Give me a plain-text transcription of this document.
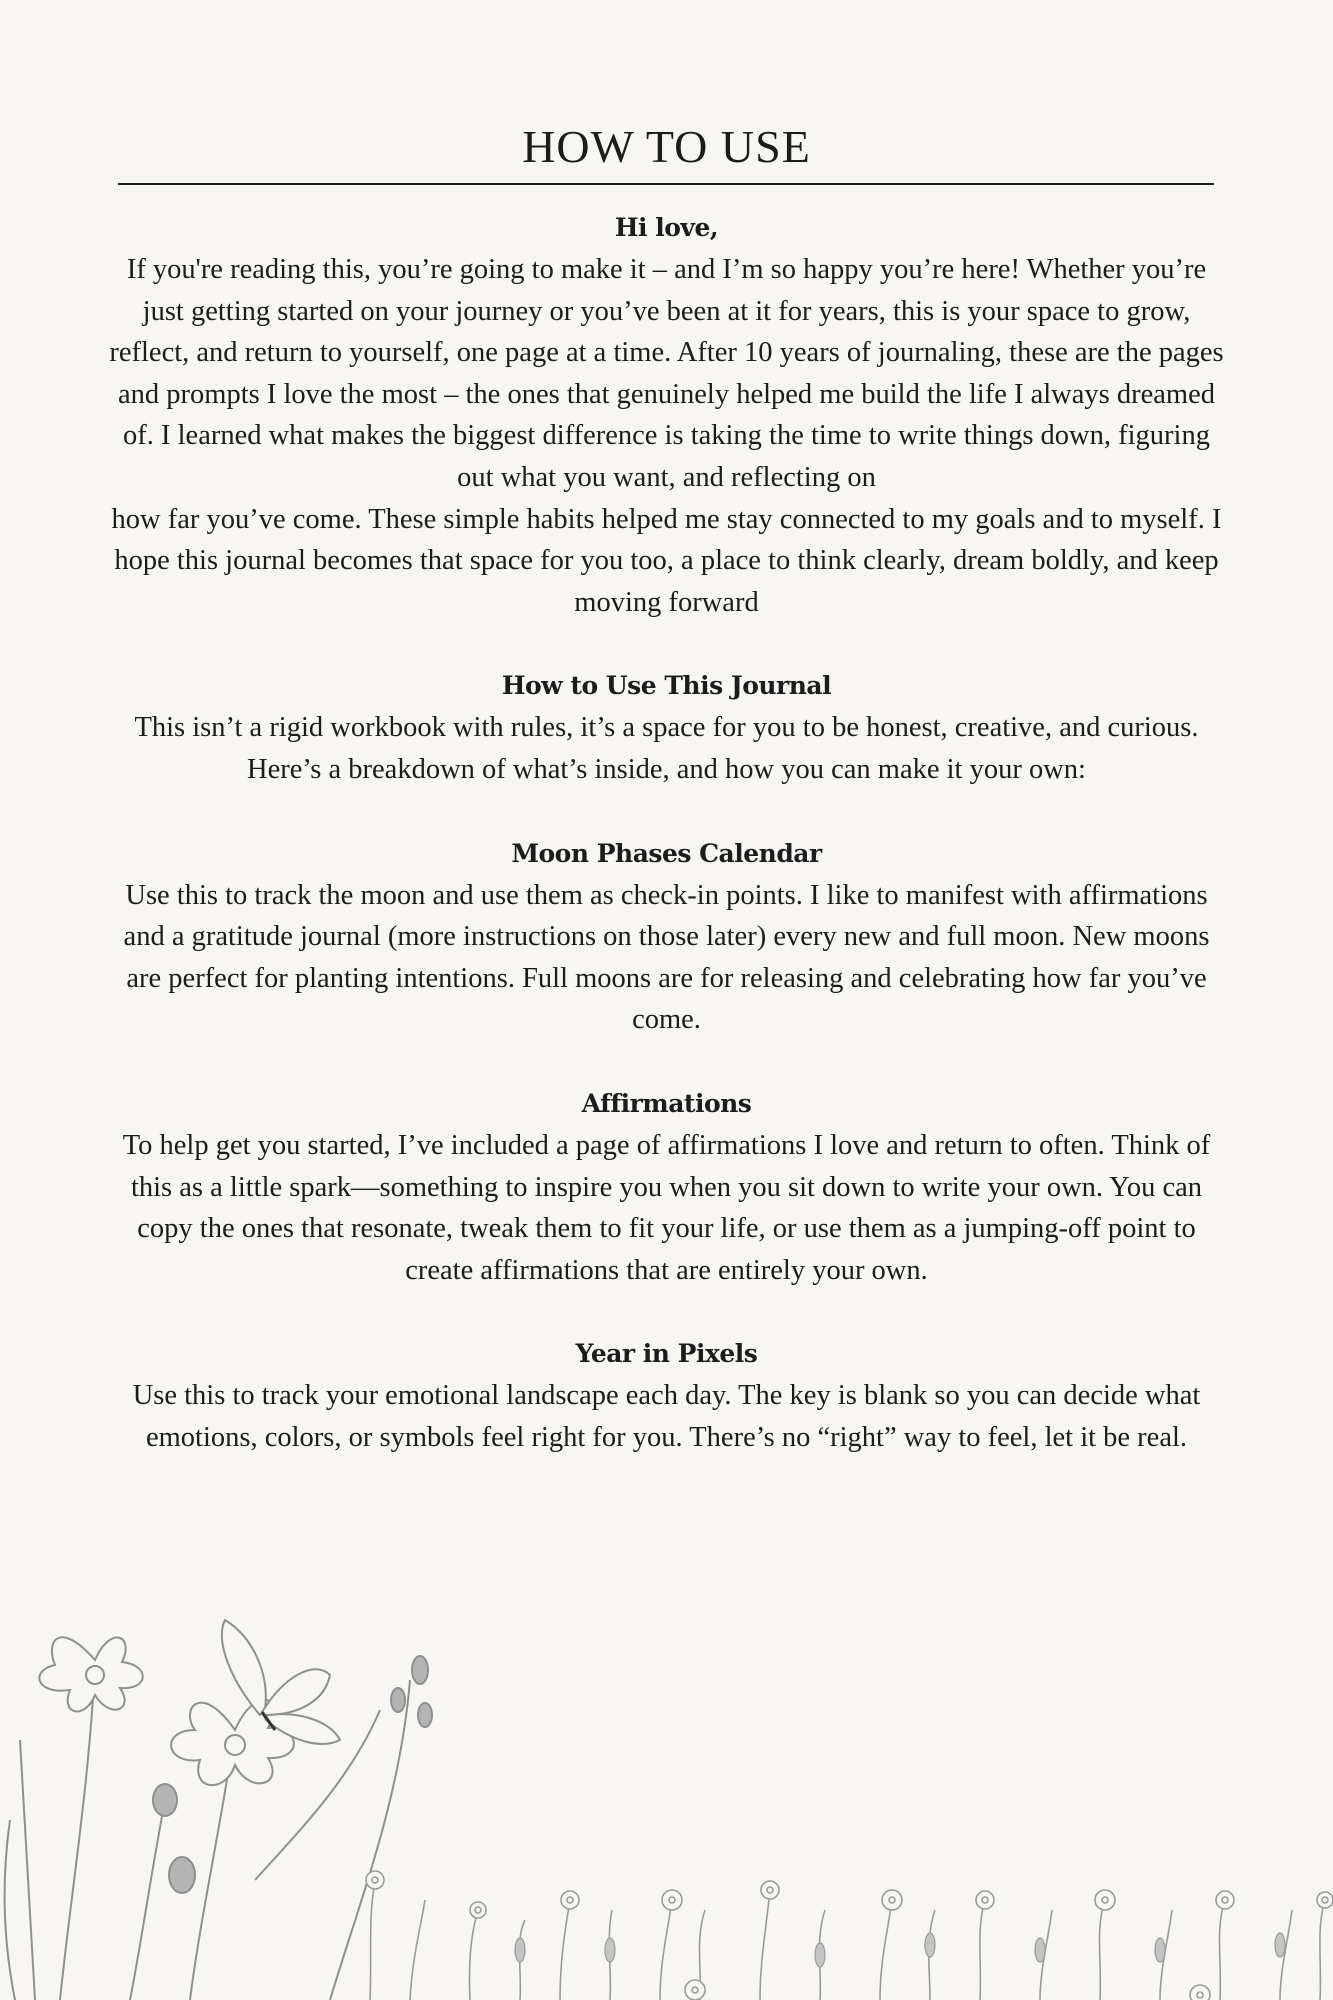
HOW TO USE

Hi love,

If you're reading this, you’re going to make it – and I’m so happy you’re here! Whether you’re just getting started on your journey or you’ve been at it for years, this is your space to grow, reflect, and return to yourself, one page at a time. After 10 years of journaling, these are the pages and prompts I love the most – the ones that genuinely helped me build the life I always dreamed of. I learned what makes the biggest difference is taking the time to write things down, figuring out what you want, and reflecting on

how far you’ve come. These simple habits helped me stay connected to my goals and to myself. I hope this journal becomes that space for you too, a place to think clearly, dream boldly, and keep moving forward

How to Use This Journal

This isn’t a rigid workbook with rules, it’s a space for you to be honest, creative, and curious. Here’s a breakdown of what’s inside, and how you can make it your own:

Moon Phases Calendar

Use this to track the moon and use them as check-in points. I like to manifest with affirmations and a gratitude journal (more instructions on those later) every new and full moon. New moons are perfect for planting intentions. Full moons are for releasing and celebrating how far you’ve come.

Affirmations

To help get you started, I’ve included a page of affirmations I love and return to often. Think of this as a little spark—something to inspire you when you sit down to write your own. You can copy the ones that resonate, tweak them to fit your life, or use them as a jumping-off point to create affirmations that are entirely your own.

Year in Pixels

Use this to track your emotional landscape each day. The key is blank so you can decide what emotions, colors, or symbols feel right for you. There’s no “right” way to feel, let it be real.
